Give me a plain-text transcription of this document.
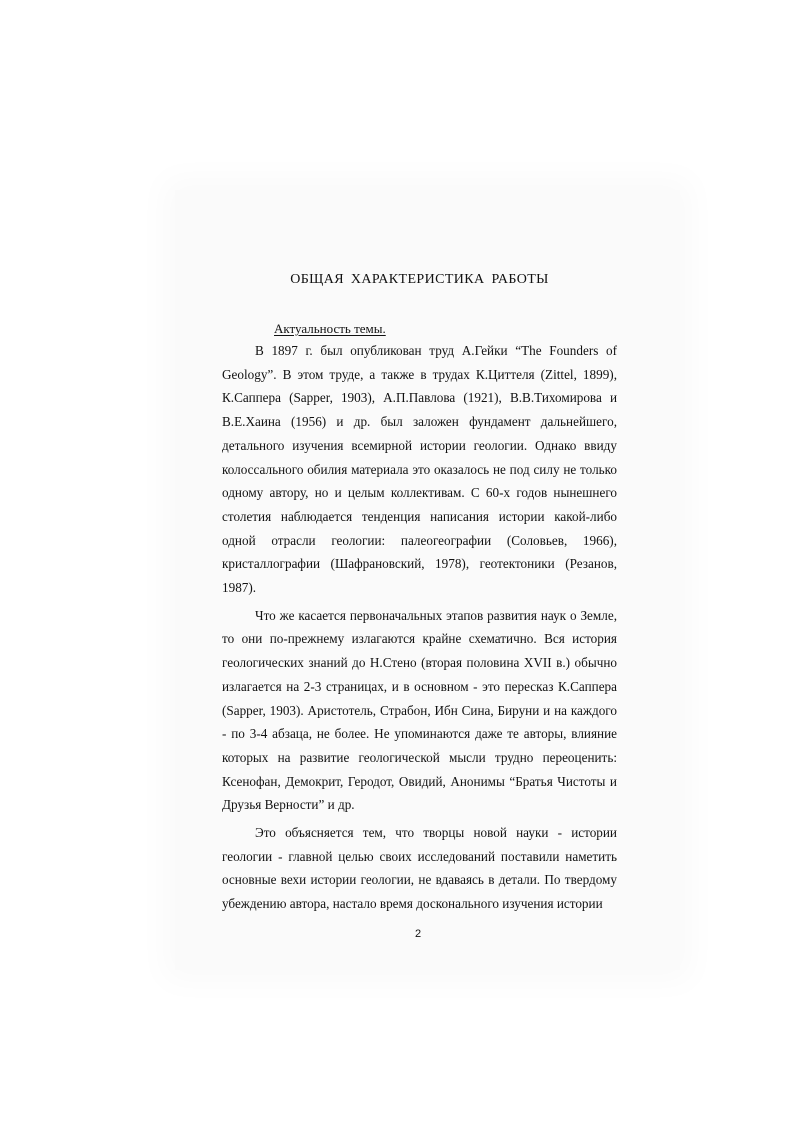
ОБЩАЯ ХАРАКТЕРИСТИКА РАБОТЫ
Актуальность темы.

В 1897 г. был опубликован труд А.Гейки “The Founders of Geology”. В этом труде, а также в трудах К.Циттеля (Zittel, 1899), К.Саппера (Sapper, 1903), А.П.Павлова (1921), В.В.Тихомирова и В.Е.Хаина (1956) и др. был заложен фундамент дальнейшего, детального изучения всемирной истории геологии. Однако ввиду колоссального обилия материала это оказалось не под силу не только одному автору, но и целым коллективам. С 60-х годов нынешнего столетия наблюдается тенденция написания истории какой-либо одной отрасли геологии: палеогеографии (Соловьев, 1966), кристаллографии (Шафрановский, 1978), геотектоники (Резанов, 1987).

Что же касается первоначальных этапов развития наук о Земле, то они по-прежнему излагаются крайне схематично. Вся история геологических знаний до Н.Стено (вторая половина XVII в.) обычно излагается на 2-3 страницах, и в основном - это пересказ К.Саппера (Sapper, 1903). Аристотель, Страбон, Ибн Сина, Бируни и на каждого - по 3-4 абзаца, не более. Не упоминаются даже те авторы, влияние которых на развитие геологической мысли трудно переоценить: Ксенофан, Демокрит, Геродот, Овидий, Анонимы “Братья Чистоты и Друзья Верности” и др.

Это объясняется тем, что творцы новой науки - истории геологии - главной целью своих исследований поставили наметить основные вехи истории геологии, не вдаваясь в детали. По твердому убеждению автора, настало время досконального изучения истории

2
